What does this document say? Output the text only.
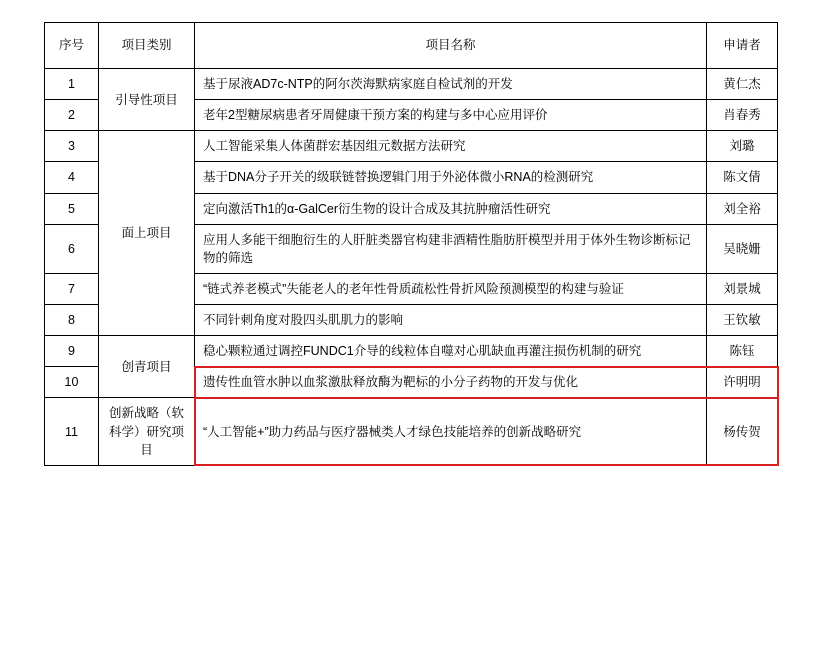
序号	项目类别	项目名称	申请者
1	引导性项目	基于尿液AD7c-NTP的阿尔茨海默病家庭自检试剂的开发	黄仁杰
2		老年2型糖尿病患者牙周健康干预方案的构建与多中心应用评价	肖春秀
3	面上项目	人工智能采集人体菌群宏基因组元数据方法研究	刘璐
4		基于DNA分子开关的级联链替换逻辑门用于外泌体微小RNA的检测研究	陈文倩
5		定向激活Th1的α-GalCer衍生物的设计合成及其抗肿瘤活性研究	刘全裕
6		应用人多能干细胞衍生的人肝脏类器官构建非酒精性脂肪肝模型并用于体外生物诊断标记物的筛选	吴晓姗
7		“链式养老模式”失能老人的老年性骨质疏松性骨折风险预测模型的构建与验证	刘景城
8		不同针刺角度对股四头肌肌力的影响	王钦敏
9	创青项目	稳心颗粒通过调控FUNDC1介导的线粒体自噬对心肌缺血再灌注损伤机制的研究	陈钰
10		遗传性血管水肿以血浆激肽释放酶为靶标的小分子药物的开发与优化	许明明
11	创新战略（软科学）研究项目	“人工智能+”助力药品与医疗器械类人才绿色技能培养的创新战略研究	杨传贺
